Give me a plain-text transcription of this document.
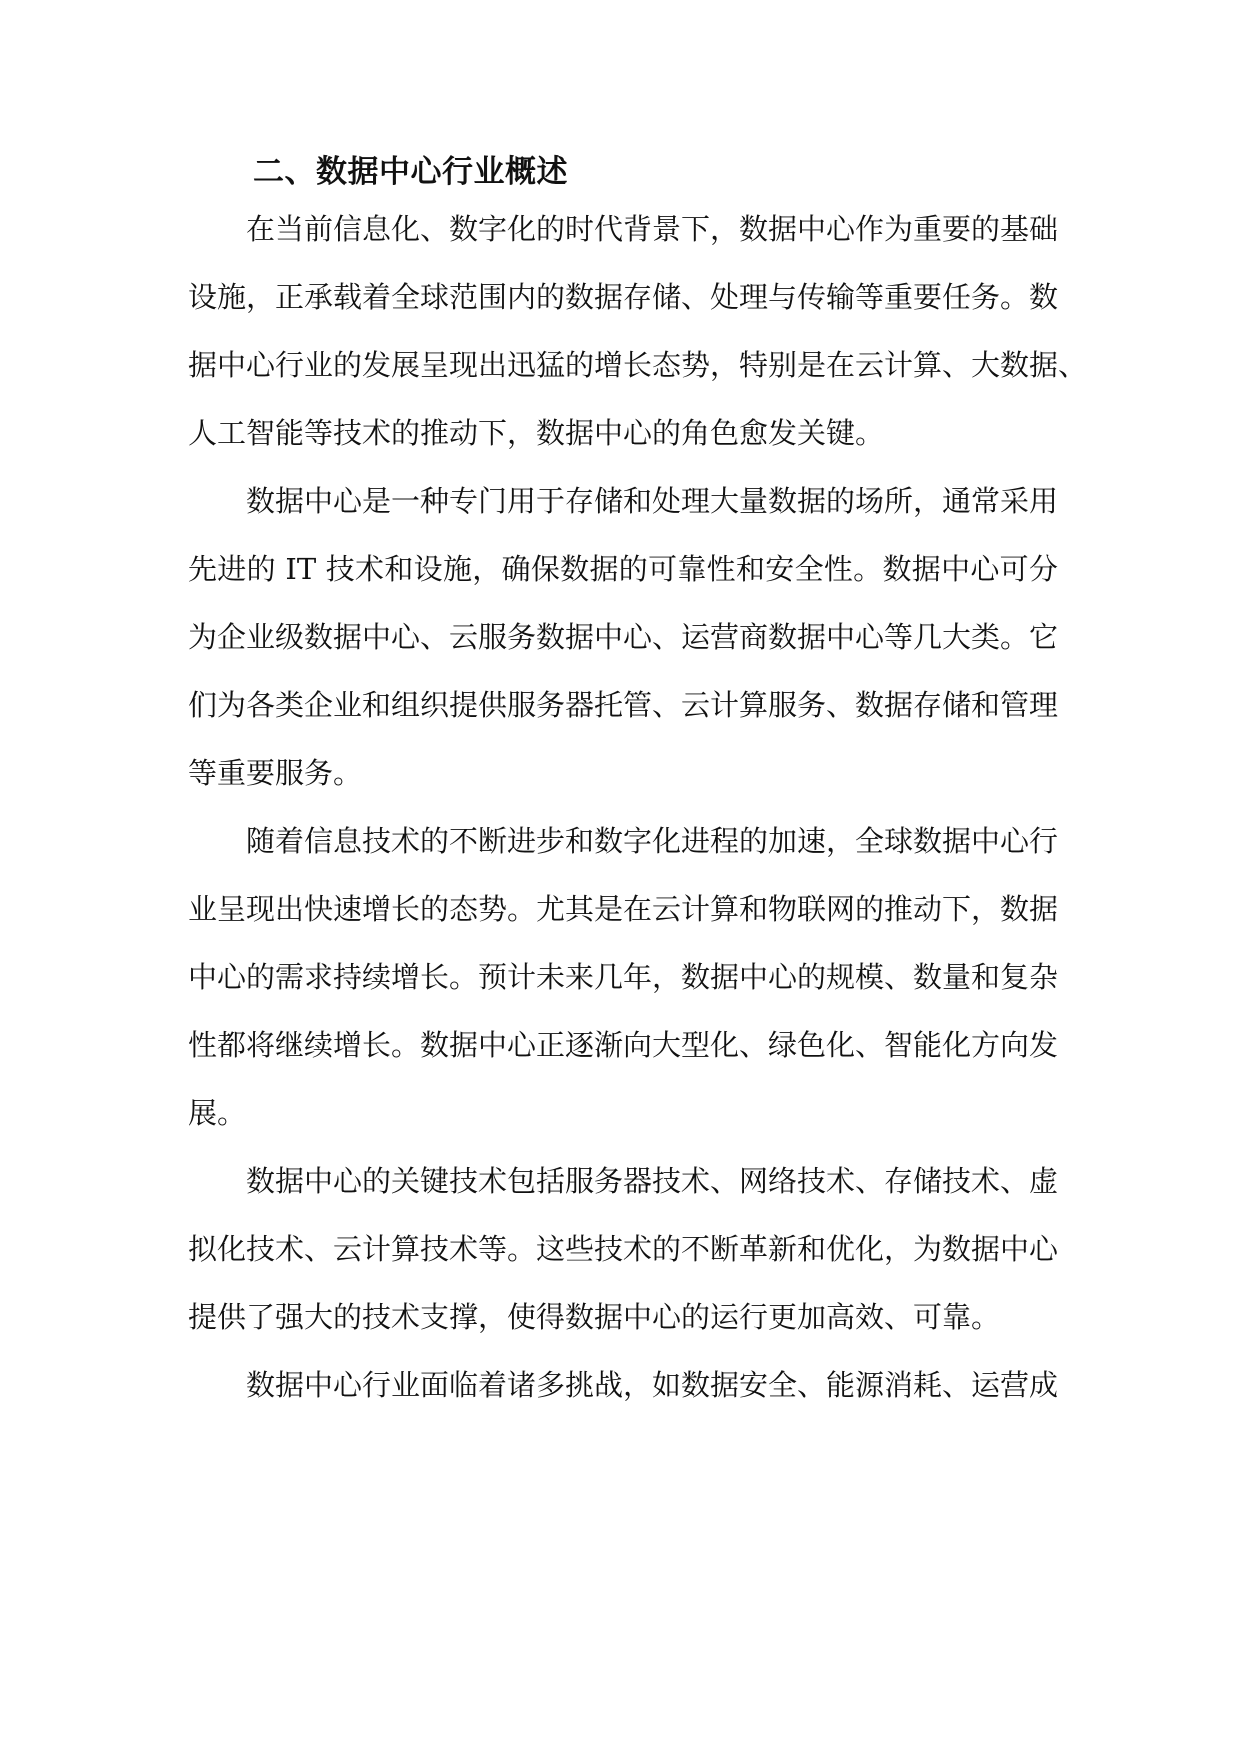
二、数据中心行业概述
在当前信息化、数字化的时代背景下，数据中心作为重要的基础
设施，正承载着全球范围内的数据存储、处理与传输等重要任务。数
据中心行业的发展呈现出迅猛的增长态势，特别是在云计算、大数据、
人工智能等技术的推动下，数据中心的角色愈发关键。
数据中心是一种专门用于存储和处理大量数据的场所，通常采用
先进的 IT 技术和设施，确保数据的可靠性和安全性。数据中心可分
为企业级数据中心、云服务数据中心、运营商数据中心等几大类。它
们为各类企业和组织提供服务器托管、云计算服务、数据存储和管理
等重要服务。
随着信息技术的不断进步和数字化进程的加速，全球数据中心行
业呈现出快速增长的态势。尤其是在云计算和物联网的推动下，数据
中心的需求持续增长。预计未来几年，数据中心的规模、数量和复杂
性都将继续增长。数据中心正逐渐向大型化、绿色化、智能化方向发
展。
数据中心的关键技术包括服务器技术、网络技术、存储技术、虚
拟化技术、云计算技术等。这些技术的不断革新和优化，为数据中心
提供了强大的技术支撑，使得数据中心的运行更加高效、可靠。
数据中心行业面临着诸多挑战，如数据安全、能源消耗、运营成
